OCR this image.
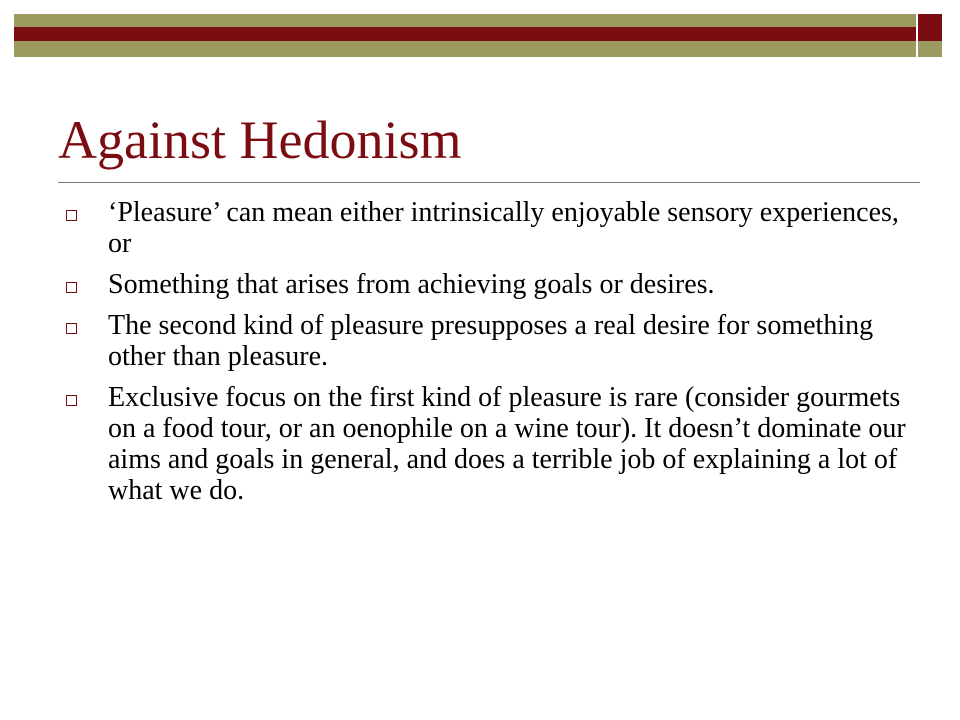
Against Hedonism
‘Pleasure’ can mean either intrinsically enjoyable sensory experiences, or
Something that arises from achieving goals or desires.
The second kind of pleasure presupposes a real desire for something other than pleasure.
Exclusive focus on the first kind of pleasure is rare (consider gourmets on a food tour, or an oenophile on a wine tour). It doesn’t dominate our aims and goals in general, and does a terrible job of explaining a lot of what we do.
